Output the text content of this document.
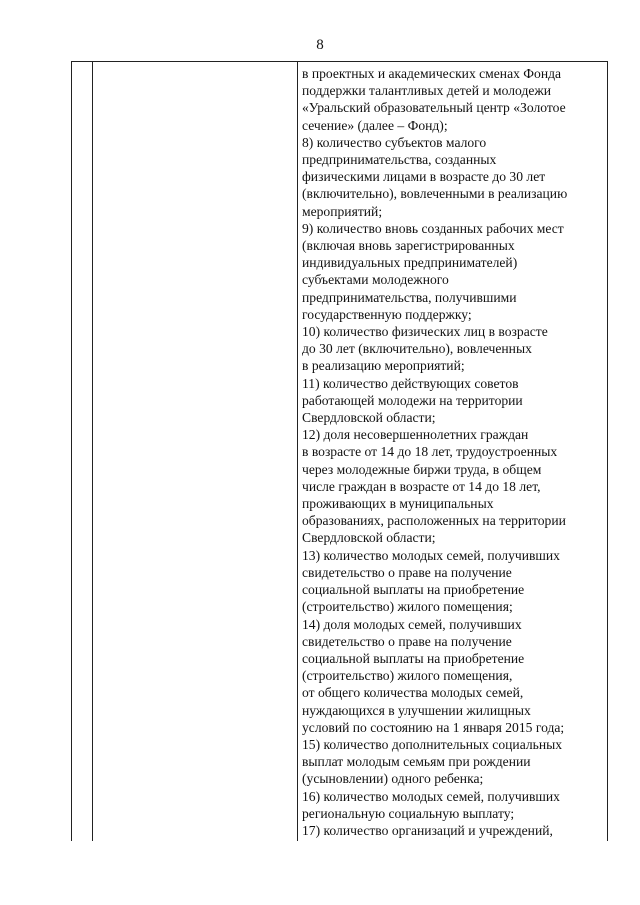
8
в проектных и академических сменах Фонда
поддержки талантливых детей и молодежи
«Уральский образовательный центр «Золотое
сечение» (далее – Фонд);
8) количество субъектов малого
предпринимательства, созданных
физическими лицами в возрасте до 30 лет
(включительно), вовлеченными в реализацию
мероприятий;
9) количество вновь созданных рабочих мест
(включая вновь зарегистрированных
индивидуальных предпринимателей)
субъектами молодежного
предпринимательства, получившими
государственную поддержку;
10) количество физических лиц в возрасте
до 30 лет (включительно), вовлеченных
в реализацию мероприятий;
11) количество действующих советов
работающей молодежи на территории
Свердловской области;
12) доля несовершеннолетних граждан
в возрасте от 14 до 18 лет, трудоустроенных
через молодежные биржи труда, в общем
числе граждан в возрасте от 14 до 18 лет,
проживающих в муниципальных
образованиях, расположенных на территории
Свердловской области;
13) количество молодых семей, получивших
свидетельство о праве на получение
социальной выплаты на приобретение
(строительство) жилого помещения;
14) доля молодых семей, получивших
свидетельство о праве на получение
социальной выплаты на приобретение
(строительство) жилого помещения,
от общего количества молодых семей,
нуждающихся в улучшении жилищных
условий по состоянию на 1 января 2015 года;
15) количество дополнительных социальных
выплат молодым семьям при рождении
(усыновлении) одного ребенка;
16) количество молодых семей, получивших
региональную социальную выплату;
17) количество организаций и учреждений,
